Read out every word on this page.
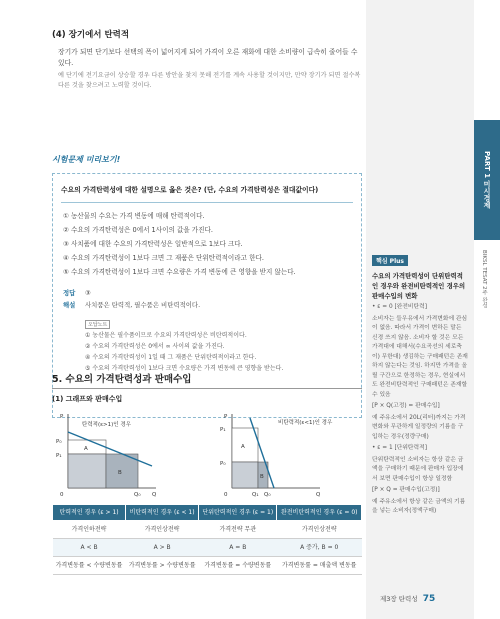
(4) 장기에서 탄력적
장기가 되면 단기보다 선택의 폭이 넓어지게 되어 가격이 오른 재화에 대한 소비량이 급속히 줄어들 수 있다.
예 단기에 전기요금이 상승할 경우 다른 방안을 찾지 못해 전기를 계속 사용할 것이지만, 만약 장기가 되면 절수복 다른 것을 찾으려고 노력할 것이다.
시험문제 미리보기!
수요의 가격탄력성에 대한 설명으로 옳은 것은? (단, 수요의 가격탄력성은 절대값이다)
① 농산물의 수요는 가격 변동에 매해 탄력적이다.
② 수요의 가격탄력성은 0에서 1사이의 값을 가진다.
③ 사치품에 대한 수요의 가격탄력성은 일반적으로 1보다 크다.
④ 수요의 가격탄력성이 1보다 크면 그 재품은 단위탄력적이라고 한다.
⑤ 수요의 가격탄력성이 1보다 크면 수요량은 가격 변동에 큰 영향을 받지 않는다.
정답	③
해설	사치품은 탄력적, 필수품은 비탄력적이다.
오답노트
① 농산물은 필수품이므로 수요의 가격탄력성은 비탄력적이다.
② 수요의 가격탄력성은 0에서 ∞ 사이의 값을 가진다.
④ 수요의 가격탄력성이 1일 때 그 재품은 단위탄력적이라고 한다.
⑤ 수요의 가격탄력성이 1보다 크면 수요량은 가격 변동에 큰 영향을 받는다.
5. 수요의 가격탄력성과 판매수입
(1) 그래프와 판매수입
P
P₀
P₁
0	Q₀ Q
A
B
탄력적(ε>1)인 경우
P
P₁
P₀
0	Q₁ Q₀	Q
A
B
비탄력적(ε<1)인 경우
탄력적인 경우 (ε > 1)	비탄력적인 경우 (ε < 1)	단위탄력적인 경우 (ε = 1)	완전비탄력적인 경우 (ε = 0)
가격인하전략	가격인상전략	가격전략 무관	가격인상전략
A < B	A > B	A = B	A 증가, B = 0
가격변동률 < 수량변동률	가격변동률 > 수량변동률	가격변동률 = 수량변동률	가격변동률 = 매출액 변동률
핵심 Plus
수요의 가격탄력성이 단위탄력적인 경우와 완전비탄력적인 경우의 판매수입의 변화
• ε = 0 [완전비탄력]
소비자는 들우유에서 가격변화에 관심이 없음. 따라서 가격이 변하든 말든 신경 쓰지 않음. 소비자 할 것은 모든 가격대에 대해서(수요곡선의 세로축이) 무한대) 생김하는 구매패턴은 존재하지 않는다는 것임. 하지만 가격을 올릴 구간으로 한정하는 경우, 현실에서도 완전비탄력적인 구매패턴은 존재할 수 있음
[P × Q(고정) = 판매수입]
예 주유소에서 20L(리터)까지는 가격변화와 무관하게 일정량의 기름을 구입하는 경우(정량구매)
• ε = 1 [단위탄력적]
단위탄력적인 소비자는 항상 같은 금액을 구매하기 때문에 판매자 입장에서 보면 판매수입이 항상 일정함
[P × Q = 판매수입(고정)]
예 주유소에서 항상 같은 금액의 기름을 넣는 소비자(정액구매)
PART 1 미시경제
BIKSL TESAT 2주 완성
제3장 탄력성 75
